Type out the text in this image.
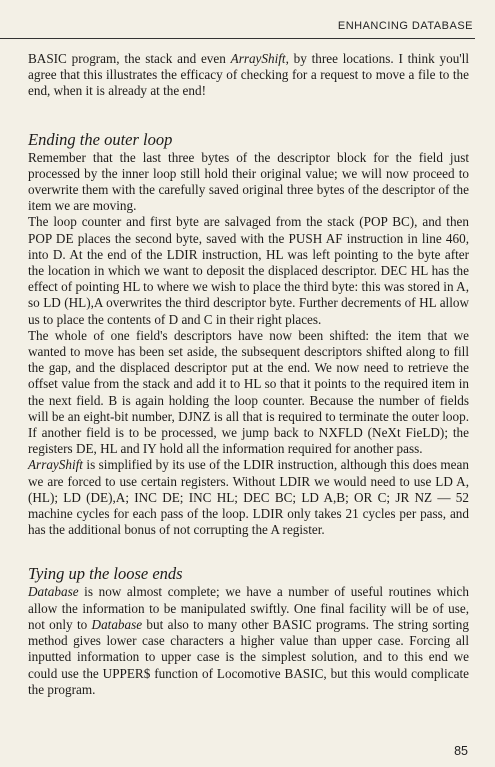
ENHANCING DATABASE

BASIC program, the stack and even ArrayShift, by three locations. I think you'll agree that this illustrates the efficacy of checking for a request to move a file to the end, when it is already at the end!

Ending the outer loop

Remember that the last three bytes of the descriptor block for the field just processed by the inner loop still hold their original value; we will now proceed to overwrite them with the carefully saved original three bytes of the descriptor of the item we are moving.

The loop counter and first byte are salvaged from the stack (POP BC), and then POP DE places the second byte, saved with the PUSH AF instruction in line 460, into D. At the end of the LDIR instruction, HL was left pointing to the byte after the location in which we want to deposit the displaced descriptor. DEC HL has the effect of pointing HL to where we wish to place the third byte: this was stored in A, so LD (HL),A overwrites the third descriptor byte. Further decrements of HL allow us to place the contents of D and C in their right places.

The whole of one field's descriptors have now been shifted: the item that we wanted to move has been set aside, the subsequent descriptors shifted along to fill the gap, and the displaced descriptor put at the end. We now need to retrieve the offset value from the stack and add it to HL so that it points to the required item in the next field. B is again holding the loop counter. Because the number of fields will be an eight-bit number, DJNZ is all that is required to terminate the outer loop. If another field is to be processed, we jump back to NXFLD (NeXt FieLD); the registers DE, HL and IY hold all the information required for another pass.

ArrayShift is simplified by its use of the LDIR instruction, although this does mean we are forced to use certain registers. Without LDIR we would need to use LD A,(HL); LD (DE),A; INC DE; INC HL; DEC BC; LD A,B; OR C; JR NZ — 52 machine cycles for each pass of the loop. LDIR only takes 21 cycles per pass, and has the additional bonus of not corrupting the A register.

Tying up the loose ends

Database is now almost complete; we have a number of useful routines which allow the information to be manipulated swiftly. One final facility will be of use, not only to Database but also to many other BASIC programs. The string sorting method gives lower case characters a higher value than upper case. Forcing all inputted information to upper case is the simplest solution, and to this end we could use the UPPER$ function of Locomotive BASIC, but this would complicate the program.

85
